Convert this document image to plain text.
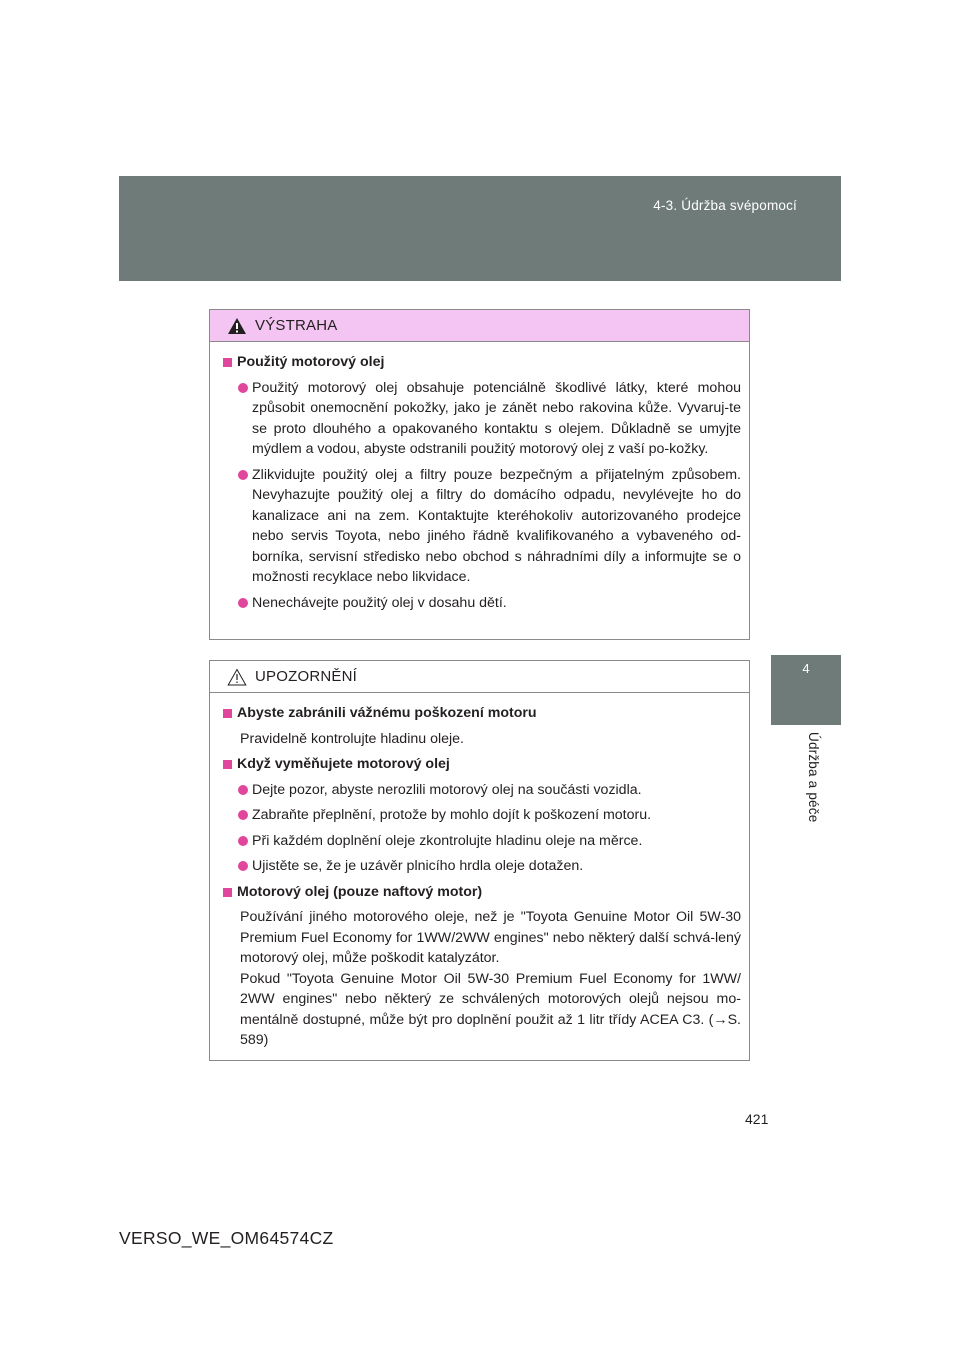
4-3. Údržba svépomocí
4
Údržba a péče
VÝSTRAHA
Použitý motorový olej
Použitý motorový olej obsahuje potenciálně škodlivé látky, které mohou způsobit onemocnění pokožky, jako je zánět nebo rakovina kůže. Vyvaruj-te se proto dlouhého a opakovaného kontaktu s olejem. Důkladně se umyjte mýdlem a vodou, abyste odstranili použitý motorový olej z vaší po-kožky.
Zlikvidujte použitý olej a filtry pouze bezpečným a přijatelným způsobem. Nevyhazujte použitý olej a filtry do domácího odpadu, nevylévejte ho do kanalizace ani na zem. Kontaktujte kteréhokoliv autorizovaného prodejce nebo servis Toyota, nebo jiného řádně kvalifikovaného a vybaveného od-borníka, servisní středisko nebo obchod s náhradními díly a informujte se o možnosti recyklace nebo likvidace.
Nenechávejte použitý olej v dosahu dětí.
UPOZORNĚNÍ
Abyste zabránili vážnému poškození motoru
Pravidelně kontrolujte hladinu oleje.
Když vyměňujete motorový olej
Dejte pozor, abyste nerozlili motorový olej na součásti vozidla.
Zabraňte přeplnění, protože by mohlo dojít k poškození motoru.
Při každém doplnění oleje zkontrolujte hladinu oleje na měrce.
Ujistěte se, že je uzávěr plnicího hrdla oleje dotažen.
Motorový olej (pouze naftový motor)
Používání jiného motorového oleje, než je "Toyota Genuine Motor Oil 5W-30 Premium Fuel Economy for 1WW/2WW engines" nebo některý další schvá-lený motorový olej, může poškodit katalyzátor.
Pokud "Toyota Genuine Motor Oil 5W-30 Premium Fuel Economy for 1WW/ 2WW engines" nebo některý ze schválených motorových olejů nejsou mo-mentálně dostupné, může být pro doplnění použit až 1 litr třídy ACEA C3. (→S. 589)
421
VERSO_WE_OM64574CZ
